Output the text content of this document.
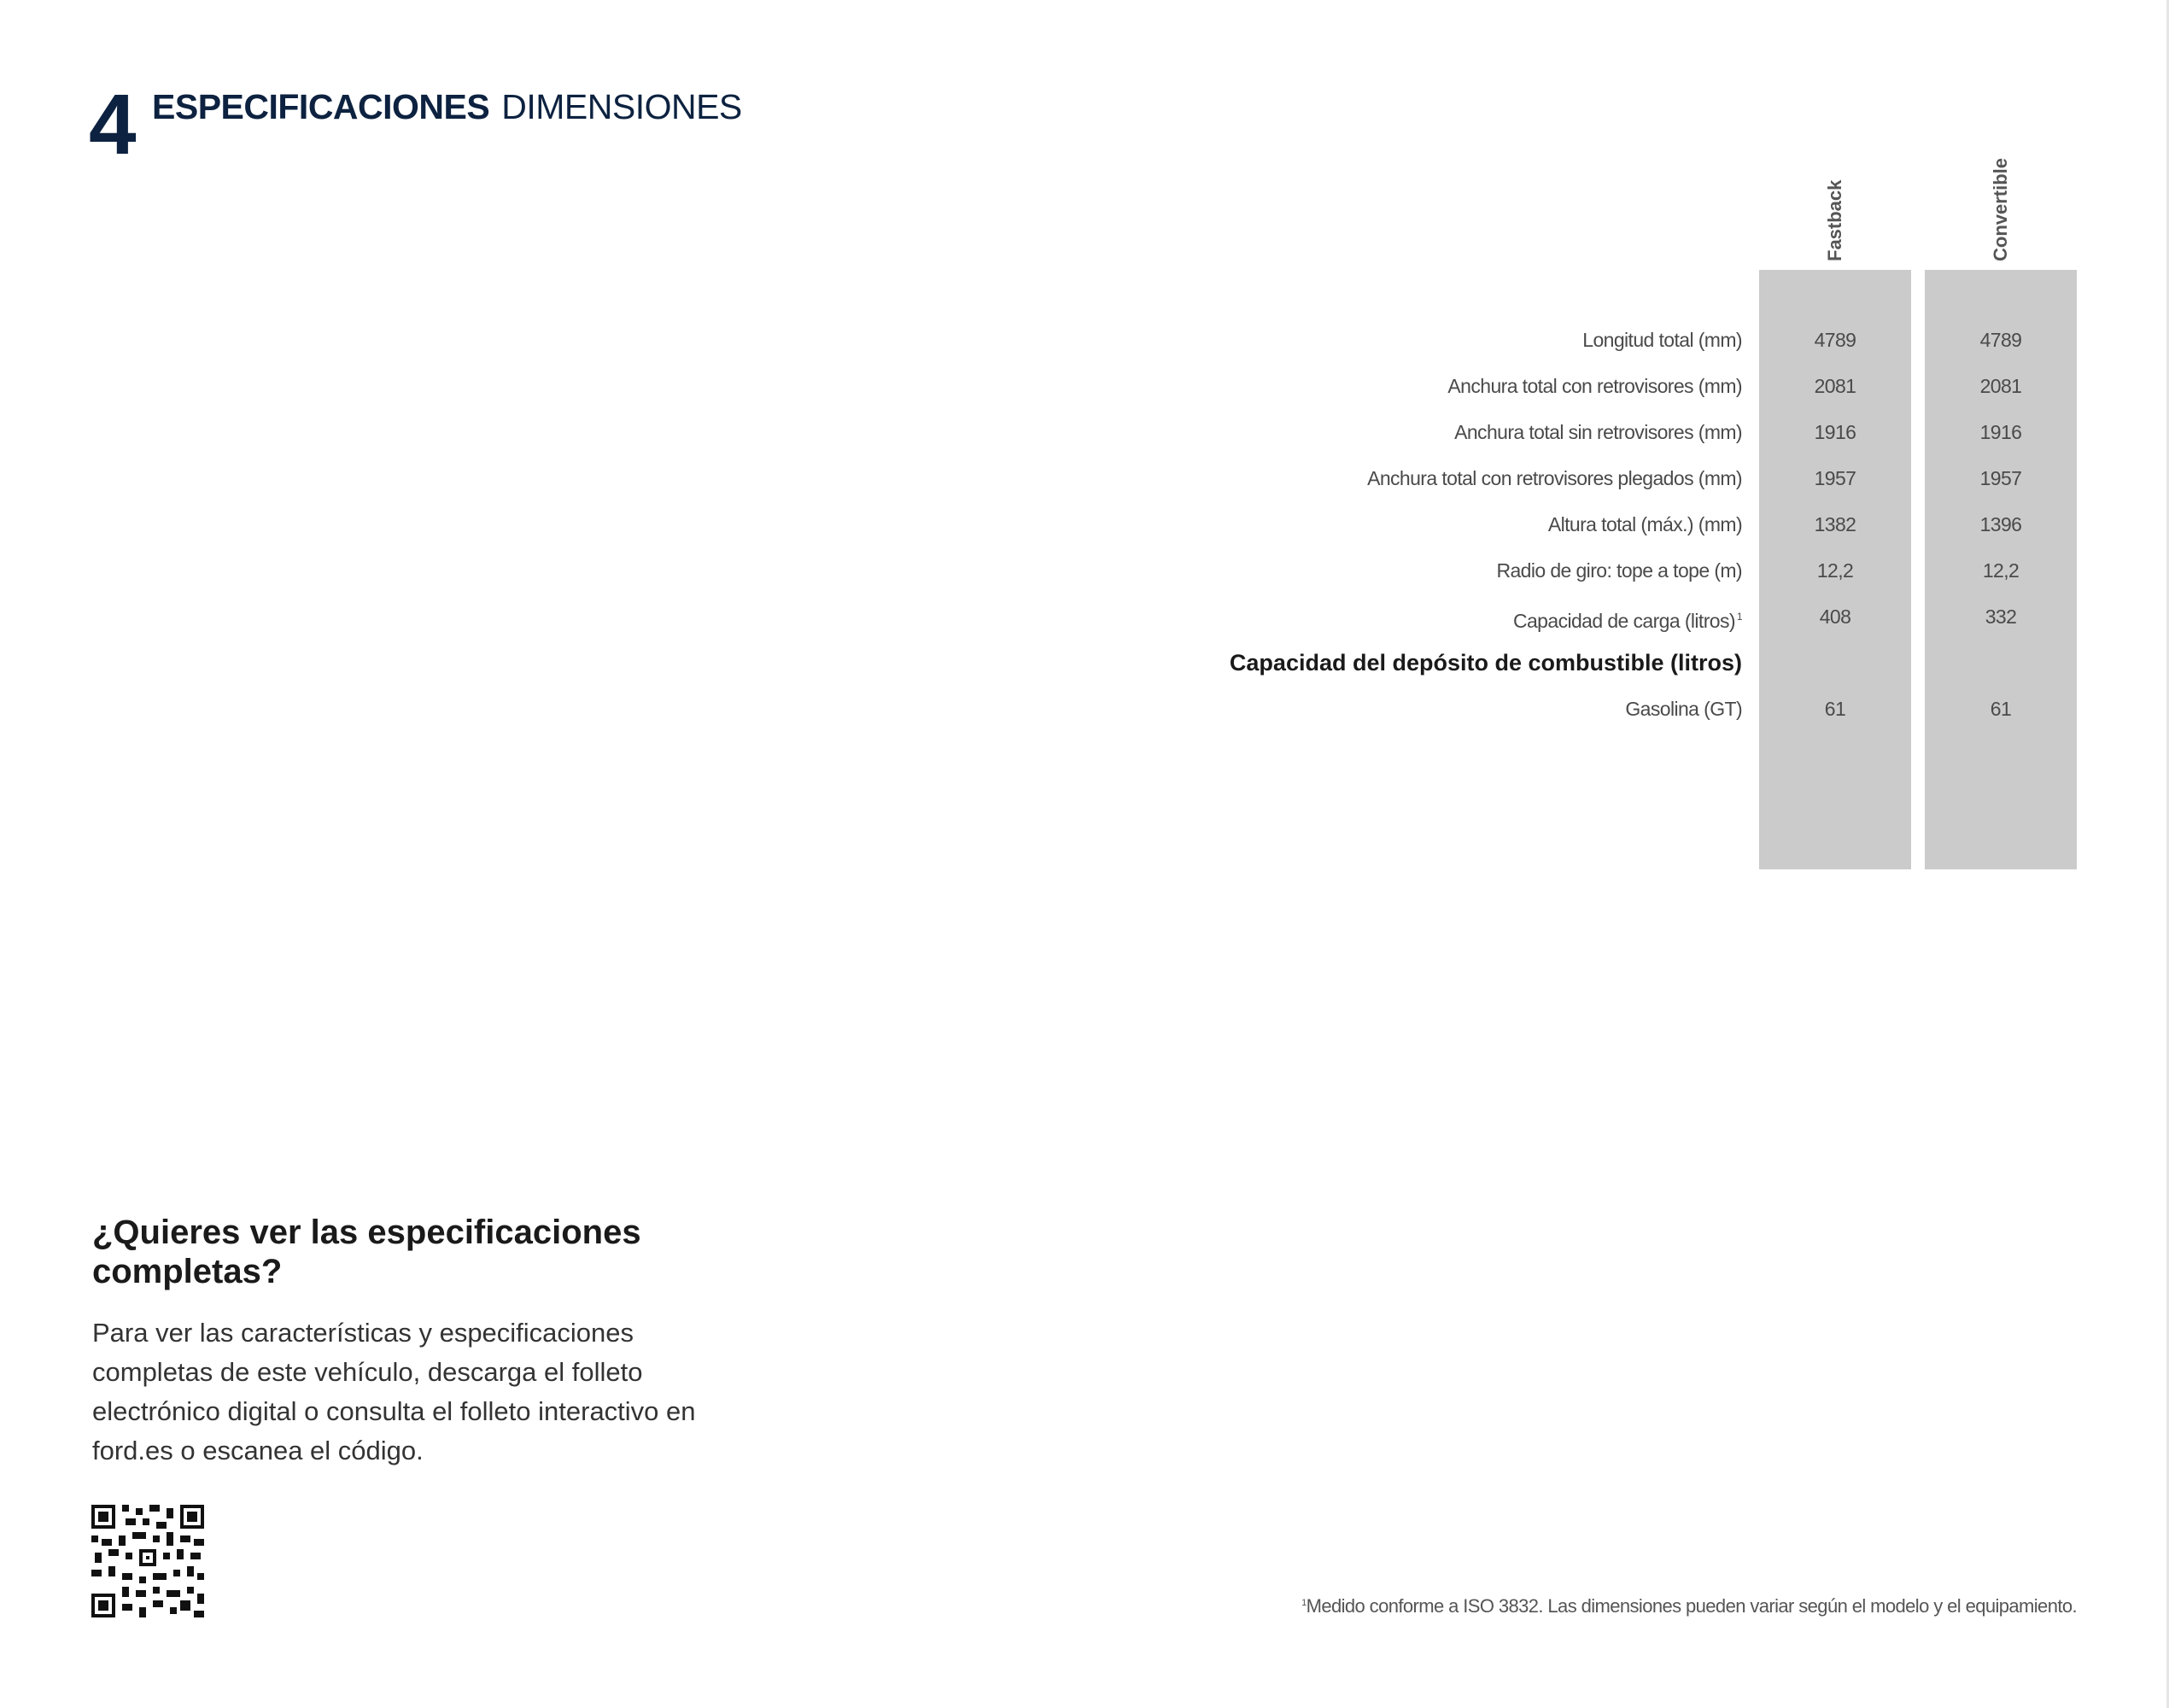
4 ESPECIFICACIONES DIMENSIONES
Fastback	Convertible
Longitud total (mm)	4789	4789
Anchura total con retrovisores (mm)	2081	2081
Anchura total sin retrovisores (mm)	1916	1916
Anchura total con retrovisores plegados (mm)	1957	1957
Altura total (máx.) (mm)	1382	1396
Radio de giro: tope a tope (m)	12,2	12,2
Capacidad de carga (litros) $^1$	408	332
Capacidad del depósito de combustible (litros)
Gasolina (GT)	61	61
¿Quieres ver las especificaciones completas?
Para ver las características y especificaciones completas de este vehículo, descarga el folleto electrónico digital o consulta el folleto interactivo en ford.es o escanea el código.
$^1$Medido conforme a ISO 3832. Las dimensiones pueden variar según el modelo y el equipamiento.
